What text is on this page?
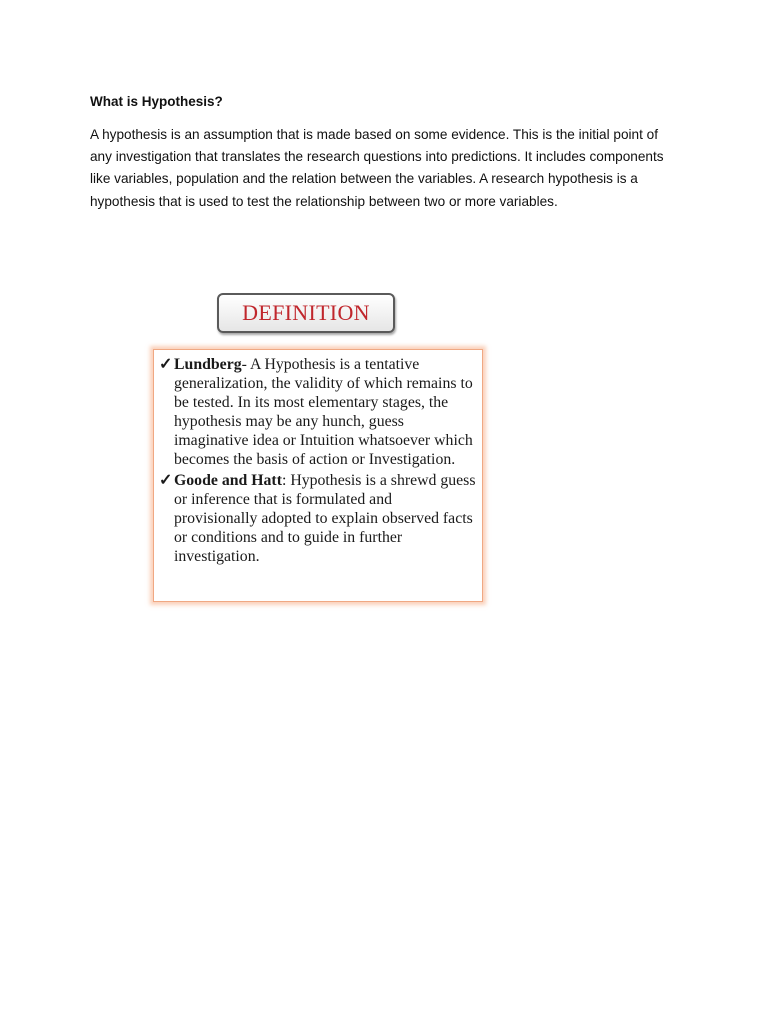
What is Hypothesis?

A hypothesis is an assumption that is made based on some evidence. This is the initial point of any investigation that translates the research questions into predictions. It includes components like variables, population and the relation between the variables. A research hypothesis is a hypothesis that is used to test the relationship between two or more variables.

DEFINITION
✓ Lundberg- A Hypothesis is a tentative generalization, the validity of which remains to be tested. In its most elementary stages, the hypothesis may be any hunch, guess imaginative idea or Intuition whatsoever which becomes the basis of action or Investigation.
✓ Goode and Hatt: Hypothesis is a shrewd guess or inference that is formulated and provisionally adopted to explain observed facts or conditions and to guide in further investigation.
